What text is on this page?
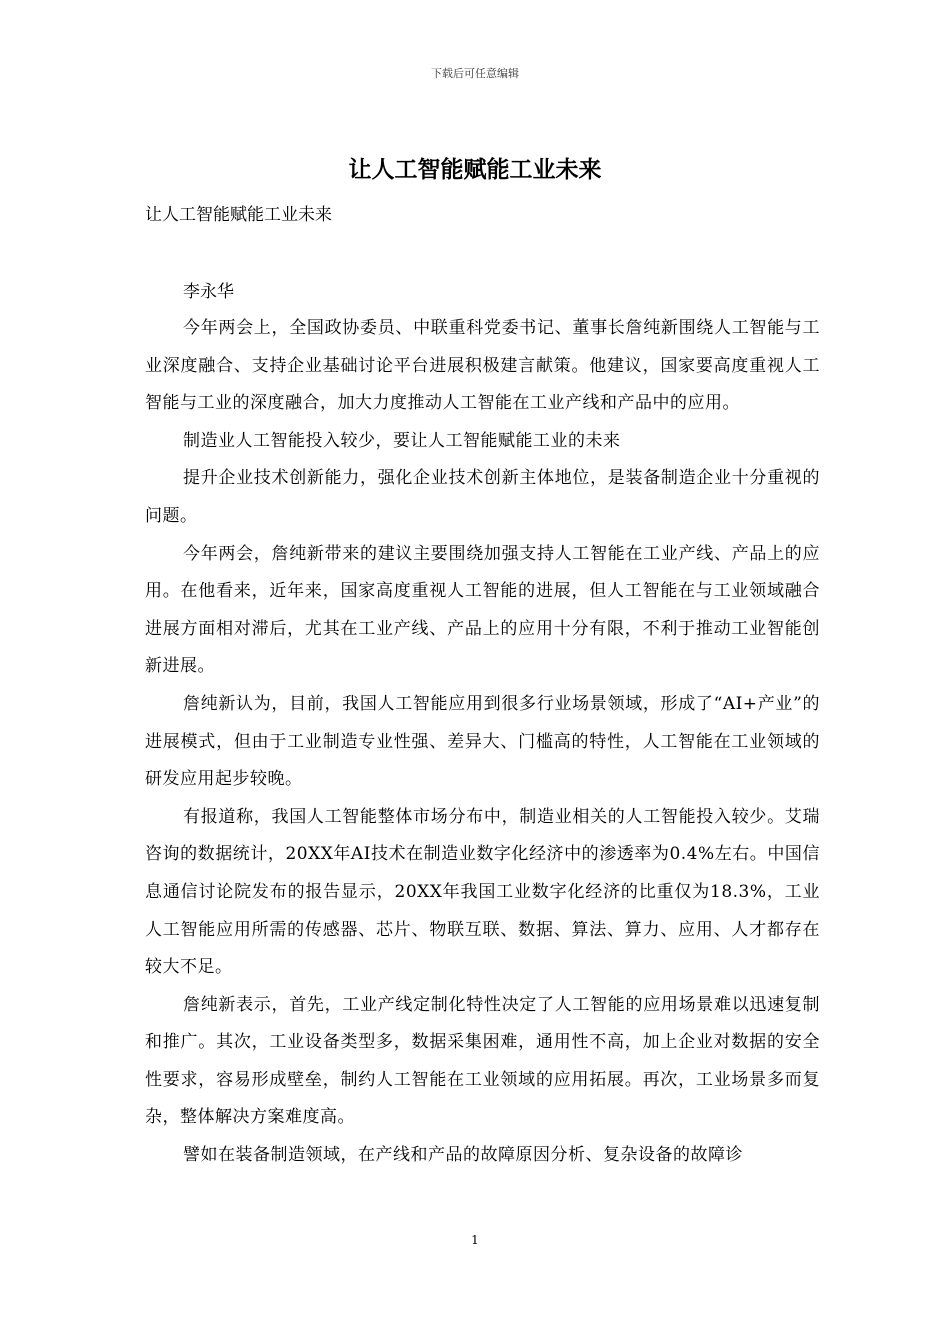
下载后可任意编辑
让人工智能赋能工业未来

让人工智能赋能工业未来

李永华

今年两会上，全国政协委员、中联重科党委书记、董事长詹纯新围绕人工智能与工业深度融合、支持企业基础讨论平台进展积极建言献策。他建议，国家要高度重视人工智能与工业的深度融合，加大力度推动人工智能在工业产线和产品中的应用。

制造业人工智能投入较少，要让人工智能赋能工业的未来

提升企业技术创新能力，强化企业技术创新主体地位，是装备制造企业十分重视的问题。

今年两会，詹纯新带来的建议主要围绕加强支持人工智能在工业产线、产品上的应用。在他看来，近年来，国家高度重视人工智能的进展，但人工智能在与工业领域融合进展方面相对滞后，尤其在工业产线、产品上的应用十分有限，不利于推动工业智能创新进展。

詹纯新认为，目前，我国人工智能应用到很多行业场景领域，形成了“AI+产业”的进展模式，但由于工业制造专业性强、差异大、门槛高的特性，人工智能在工业领域的研发应用起步较晚。

有报道称，我国人工智能整体市场分布中，制造业相关的人工智能投入较少。艾瑞咨询的数据统计，20XX年AI技术在制造业数字化经济中的渗透率为0.4%左右。中国信息通信讨论院发布的报告显示，20XX年我国工业数字化经济的比重仅为18.3%，工业人工智能应用所需的传感器、芯片、物联互联、数据、算法、算力、应用、人才都存在较大不足。

詹纯新表示，首先，工业产线定制化特性决定了人工智能的应用场景难以迅速复制和推广。其次，工业设备类型多，数据采集困难，通用性不高，加上企业对数据的安全性要求，容易形成壁垒，制约人工智能在工业领域的应用拓展。再次，工业场景多而复杂，整体解决方案难度高。

譬如在装备制造领域，在产线和产品的故障原因分析、复杂设备的故障诊

1
